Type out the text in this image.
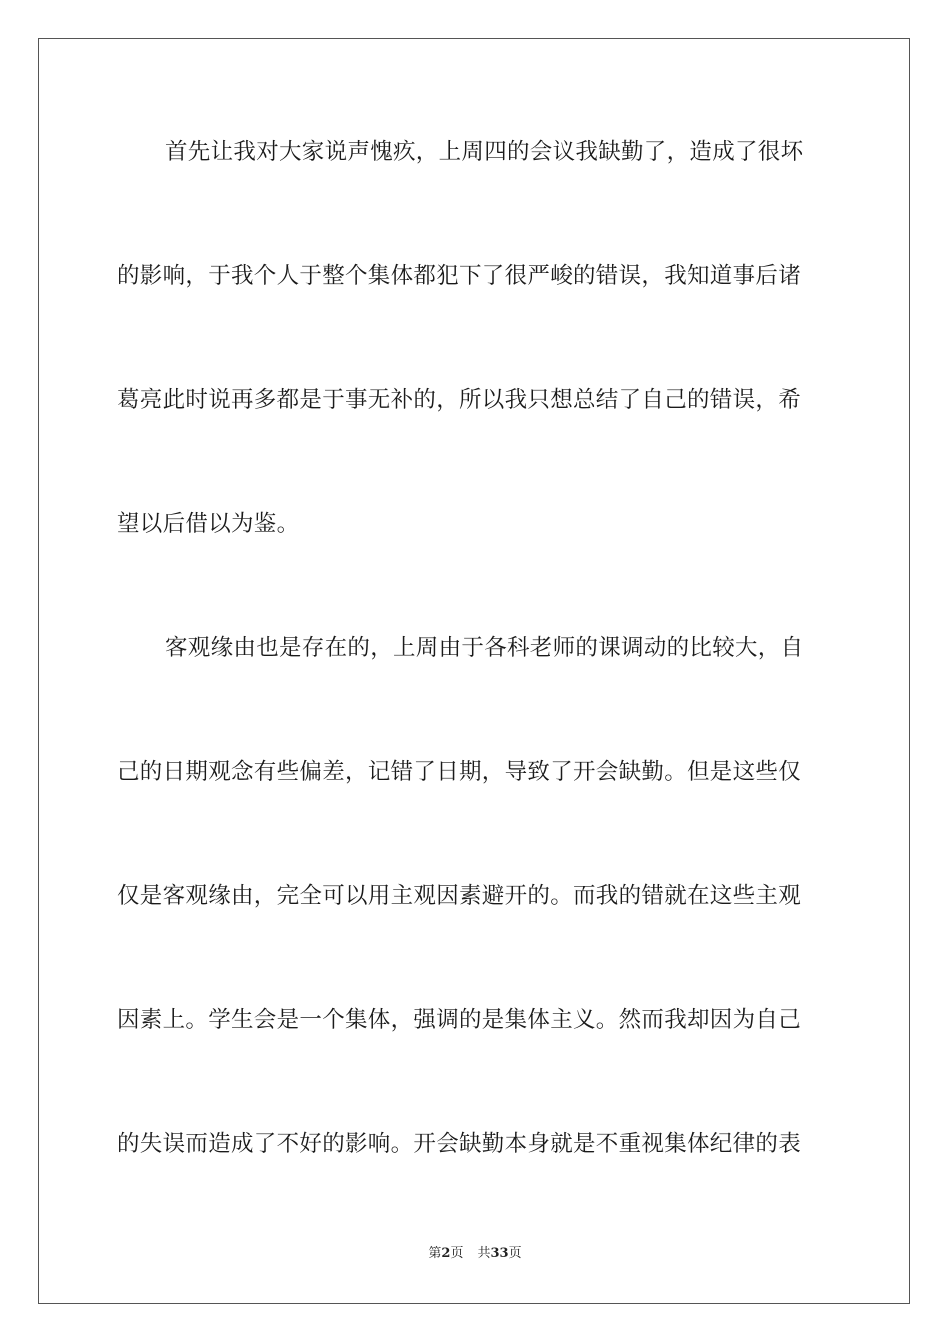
首先让我对大家说声愧疚，上周四的会议我缺勤了，造成了很坏
的影响，于我个人于整个集体都犯下了很严峻的错误，我知道事后诸
葛亮此时说再多都是于事无补的，所以我只想总结了自己的错误，希
望以后借以为鉴。
客观缘由也是存在的，上周由于各科老师的课调动的比较大，自
己的日期观念有些偏差，记错了日期，导致了开会缺勤。但是这些仅
仅是客观缘由，完全可以用主观因素避开的。而我的错就在这些主观
因素上。学生会是一个集体，强调的是集体主义。然而我却因为自己
的失误而造成了不好的影响。开会缺勤本身就是不重视集体纪律的表
第2页 共33页
